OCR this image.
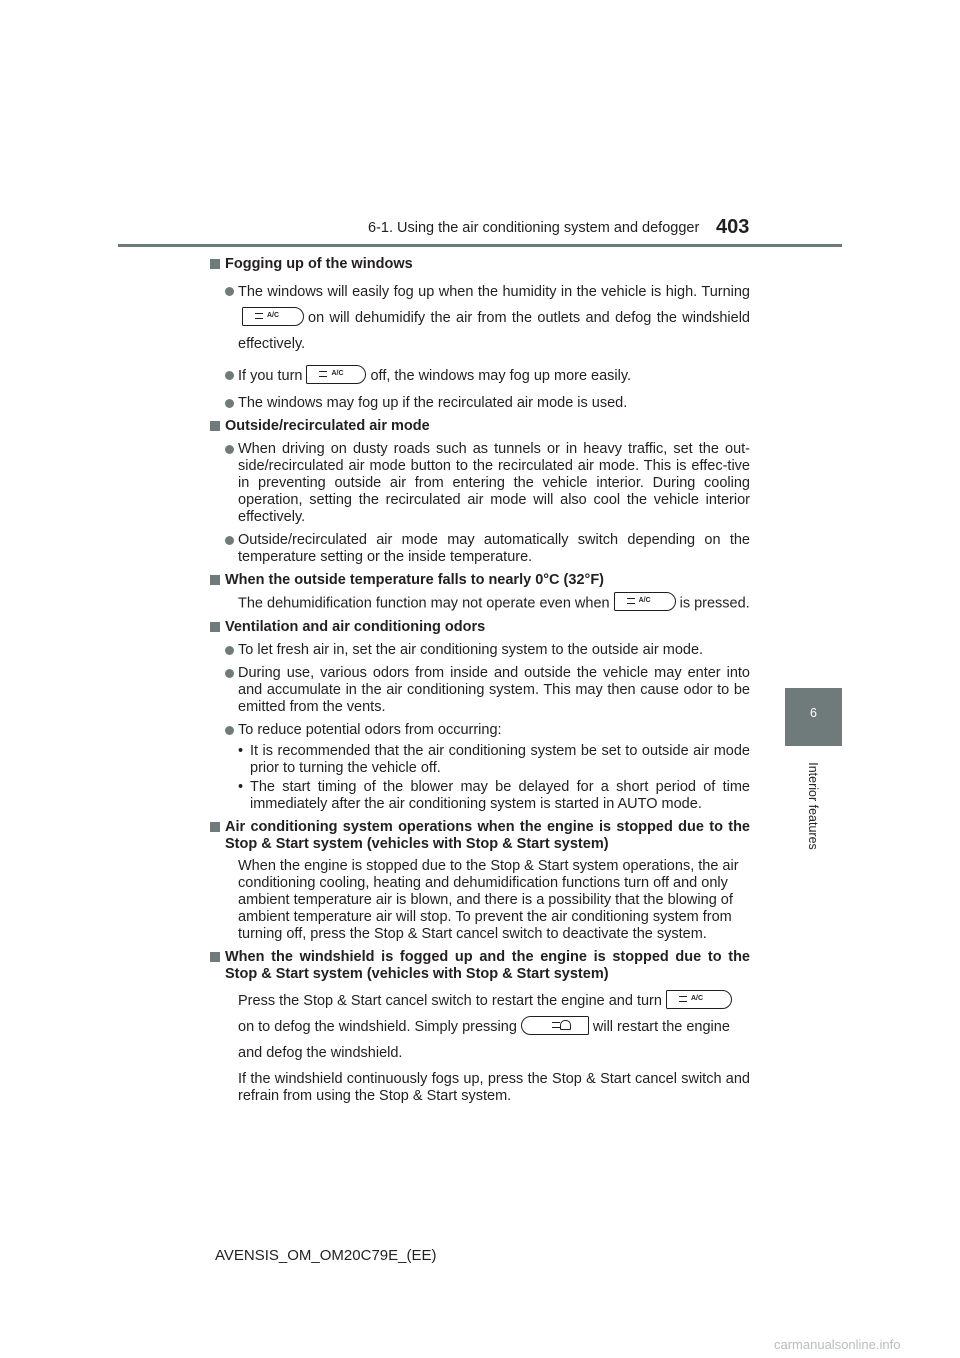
6-1. Using the air conditioning system and defogger 403
6
Interior features
Fogging up of the windows
The windows will easily fog up when the humidity in the vehicle is high. Turning
A/C on will dehumidify the air from the outlets and defog the windshield effectively.
If you turn	A/C off, the windows may fog up more easily.
The windows may fog up if the recirculated air mode is used.
Outside/recirculated air mode
When driving on dusty roads such as tunnels or in heavy traffic, set the out-side/recirculated air mode button to the recirculated air mode. This is effec-tive in preventing outside air from entering the vehicle interior. During cooling operation, setting the recirculated air mode will also cool the vehicle interior effectively.
Outside/recirculated air mode may automatically switch depending on the temperature setting or the inside temperature.
When the outside temperature falls to nearly 0°C (32°F)
The dehumidification function may not operate even when	A/C is pressed.
Ventilation and air conditioning odors
To let fresh air in, set the air conditioning system to the outside air mode.
During use, various odors from inside and outside the vehicle may enter into and accumulate in the air conditioning system. This may then cause odor to be emitted from the vents.
To reduce potential odors from occurring:
• It is recommended that the air conditioning system be set to outside air mode prior to turning the vehicle off.
• The start timing of the blower may be delayed for a short period of time immediately after the air conditioning system is started in AUTO mode.
Air conditioning system operations when the engine is stopped due to the Stop & Start system (vehicles with Stop & Start system)
When the engine is stopped due to the Stop & Start system operations, the air conditioning cooling, heating and dehumidification functions turn off and only ambient temperature air is blown, and there is a possibility that the blowing of ambient temperature air will stop. To prevent the air conditioning system from turning off, press the Stop & Start cancel switch to deactivate the system.
When the windshield is fogged up and the engine is stopped due to the Stop & Start system (vehicles with Stop & Start system)
Press the Stop & Start cancel switch to restart the engine and turn	A/C
on to defog the windshield. Simply pressing	will restart the engine and defog the windshield.
If the windshield continuously fogs up, press the Stop & Start cancel switch and refrain from using the Stop & Start system.
AVENSIS_OM_OM20C79E_(EE)
carmanualsonline.info
